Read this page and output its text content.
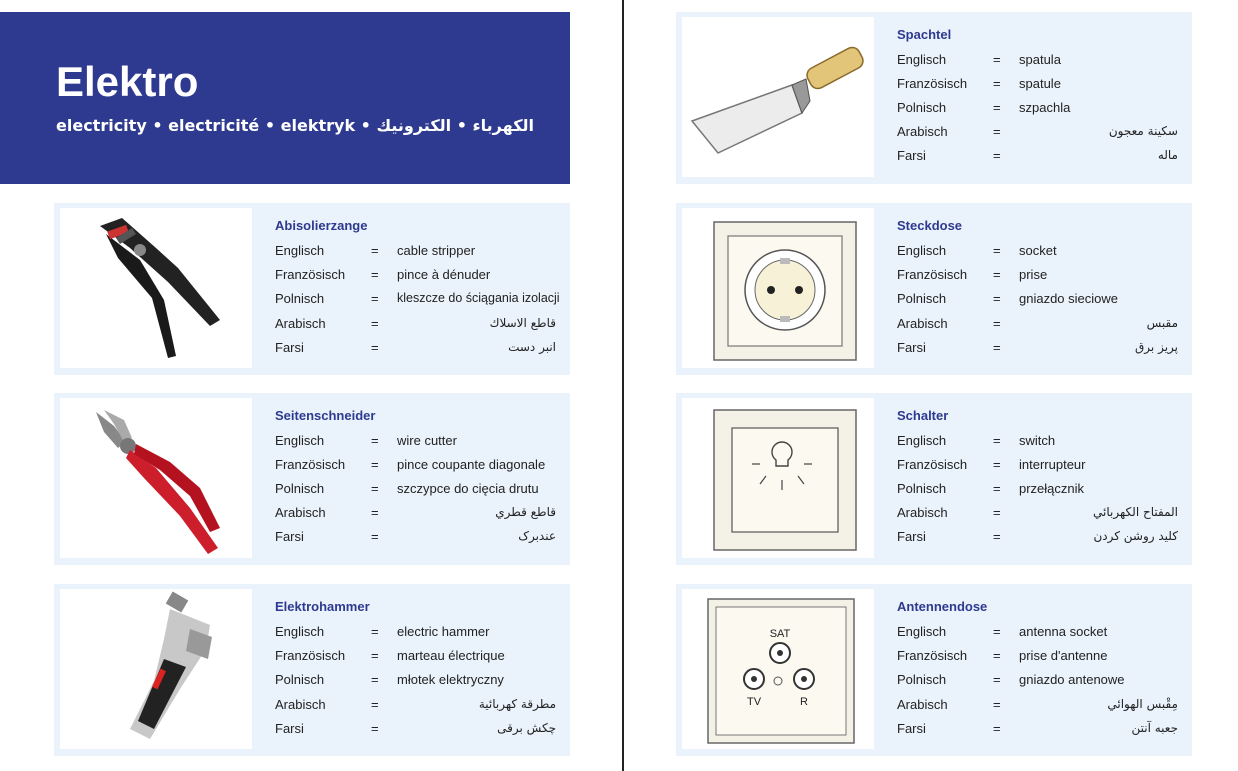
Elektro
electricity • electricité • elektryk • الكهرباء • الكترونيك
Abisolierzange
Englisch	= cable stripper
Französisch = pince à dénuder
Polnisch	= kleszcze do ściągania izolacji
Arabisch	=	قاطع الاسلاك
Farsi	=	انبر دست
Seitenschneider
Englisch	= wire cutter
Französisch = pince coupante diagonale
Polnisch	= szczypce do cięcia drutu
Arabisch	=	قاطع قطري
Farsi	=	عندبرک
Elektrohammer
Englisch	= electric hammer
Französisch = marteau électrique
Polnisch	= młotek elektryczny
Arabisch	=	مطرقة كهربائية
Farsi	=	چکش برقی
Spachtel
Englisch	= spatula
Französisch = spatule
Polnisch	= szpachla
Arabisch	=	سكينة معجون
Farsi	=	ماله
Steckdose
Englisch	= socket
Französisch = prise
Polnisch	= gniazdo sieciowe
Arabisch	=	مقبس
Farsi	=	پریز برق
Schalter
Englisch	= switch
Französisch = interrupteur
Polnisch	= przełącznik
Arabisch	=	المفتاح الكهربائي
Farsi	=	کلید روشن کردن
SAT
TV	R
Antennendose
Englisch	= antenna socket
Französisch = prise d'antenne
Polnisch	= gniazdo antenowe
Arabisch	=	مِقْبس الهوائي
Farsi	=	جعبه آنتن
